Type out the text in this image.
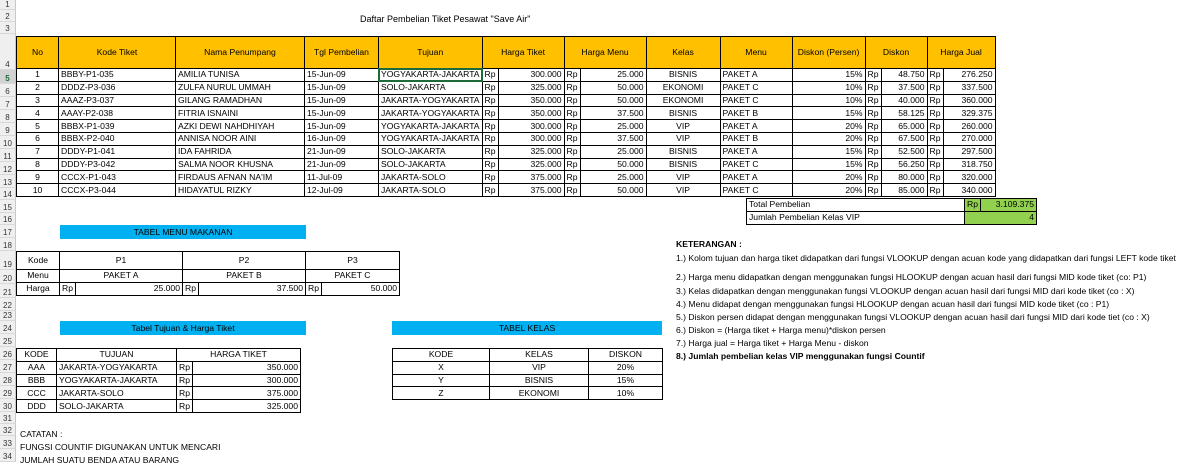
1
2
3
4
5
6
7
8
9
10
11
12
13
14
15
16
17
18
19
20
21
22
23
24
25
26
27
28
29
30
31
32
33
34
Daftar Pembelian Tiket Pesawat "Save Air"
No	Kode Tiket	Nama Penumpang	Tgl Pembelian	Tujuan	Harga Tiket		Harga Menu		Kelas	Menu	Diskon (Persen)	Diskon		Harga Jual		
1	BBBY-P1-035	AMILIA TUNISA	15-Jun-09	YOGYAKARTA-JAKARTA	Rp	300.000	Rp	25.000	BISNIS	PAKET A	15%	Rp	48.750	Rp	276.250	
2	DDDZ-P3-036	ZULFA NURUL UMMAH	15-Jun-09	SOLO-JAKARTA	Rp	325.000	Rp	50.000	EKONOMI	PAKET C	10%	Rp	37.500	Rp	337.500	
3	AAAZ-P3-037	GILANG RAMADHAN	15-Jun-09	JAKARTA-YOGYAKARTA	Rp	350.000	Rp	50.000	EKONOMI	PAKET C	10%	Rp	40.000	Rp	360.000	
4	AAAY-P2-038	FITRIA ISNAINI	15-Jun-09	JAKARTA-YOGYAKARTA	Rp	350.000	Rp	37.500	BISNIS	PAKET B	15%	Rp	58.125	Rp	329.375	
5	BBBX-P1-039	AZKI DEWI NAHDHIYAH	15-Jun-09	YOGYAKARTA-JAKARTA	Rp	300.000	Rp	25.000	VIP	PAKET A	20%	Rp	65.000	Rp	260.000	
6	BBBX-P2-040	ANNISA NOOR AINI	16-Jun-09	YOGYAKARTA-JAKARTA	Rp	300.000	Rp	37.500	VIP	PAKET B	20%	Rp	67.500	Rp	270.000	
7	DDDY-P1-041	IDA FAHRIDA	21-Jun-09	SOLO-JAKARTA	Rp	325.000	Rp	25.000	BISNIS	PAKET A	15%	Rp	52.500	Rp	297.500	
8	DDDY-P3-042	SALMA NOOR KHUSNA	21-Jun-09	SOLO-JAKARTA	Rp	325.000	Rp	50.000	BISNIS	PAKET C	15%	Rp	56.250	Rp	318.750	
9	CCCX-P1-043	FIRDAUS AFNAN NA'IM	11-Jul-09	JAKARTA-SOLO	Rp	375.000	Rp	25.000	VIP	PAKET A	20%	Rp	80.000	Rp	320.000	
10	CCCX-P3-044	HIDAYATUL RIZKY	12-Jul-09	JAKARTA-SOLO	Rp	375.000	Rp	50.000	VIP	PAKET C	20%	Rp	85.000	Rp	340.000	
Total Pembelian	Rp	3.109.375
Jumlah Pembelian Kelas VIP	4	
TABEL MENU MAKANAN
Kode	P1		P2		P3	
Menu	PAKET A		PAKET B		PAKET C	
Harga	Rp	25.000	Rp	37.500	Rp	50.000
Tabel Tujuan & Harga Tiket
KODE	TUJUAN	HARGA TIKET	
AAA	JAKARTA-YOGYAKARTA	Rp	350.000
BBB	YOGYAKARTA-JAKARTA	Rp	300.000
CCC	JAKARTA-SOLO	Rp	375.000
DDD	SOLO-JAKARTA	Rp	325.000
TABEL KELAS
KODE	KELAS	DISKON
X	VIP	20%
Y	BISNIS	15%
Z	EKONOMI	10%
KETERANGAN :
1.) Kolom tujuan dan harga tiket didapatkan dari fungsi VLOOKUP dengan acuan kode yang didapatkan dari fungsi LEFT kode tiket
2.) Harga menu didapatkan dengan menggunakan fungsi HLOOKUP dengan acuan hasil dari fungsi MID kode tiket (co: P1)
3.) Kelas didapatkan dengan menggunakan fungsi VLOOKUP dengan acuan hasil dari fungsi MID dari kode tiket (co : X)
4.) Menu didapat dengan menggunakan fungsi HLOOKUP dengan acuan hasil dari fungsi MID kode tiket (co : P1)
5.) Diskon persen didapat dengan menggunakan fungsi VLOOKUP dengan acuan hasil dari fungsi MID dari kode tiet (co : X)
6.) Diskon = (Harga tiket + Harga menu)*diskon persen
7.) Harga jual = Harga tiket + Harga Menu - diskon
8.) Jumlah pembelian kelas VIP menggunakan fungsi Countif
CATATAN :
FUNGSI COUNTIF DIGUNAKAN UNTUK MENCARI
JUMLAH SUATU BENDA ATAU BARANG
